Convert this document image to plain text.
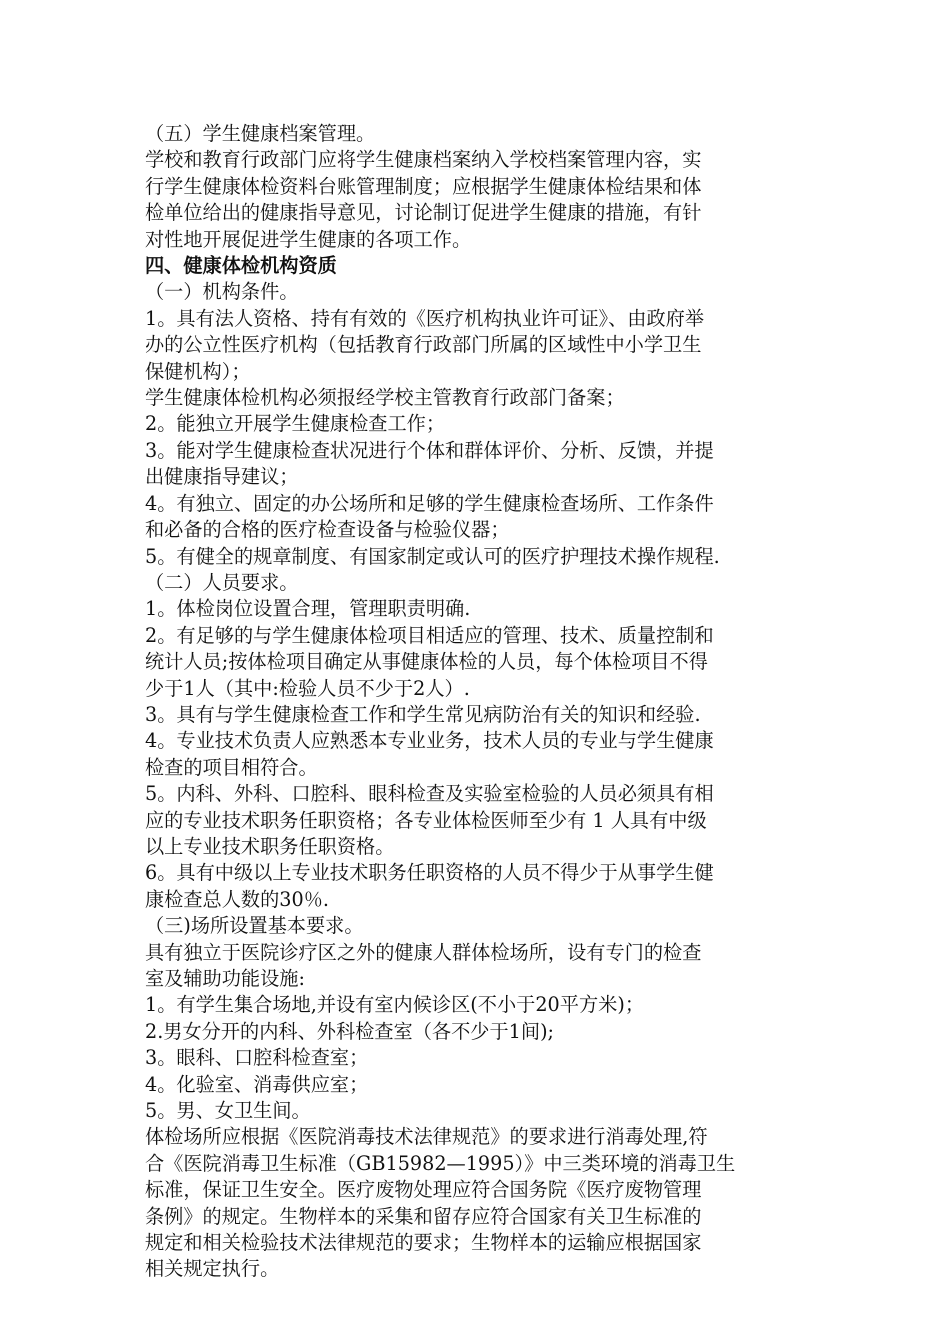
（五）学生健康档案管理。
学校和教育行政部门应将学生健康档案纳入学校档案管理内容，实
行学生健康体检资料台账管理制度；应根据学生健康体检结果和体
检单位给出的健康指导意见，讨论制订促进学生健康的措施，有针
对性地开展促进学生健康的各项工作。
四、健康体检机构资质
（一）机构条件。
1。具有法人资格、持有有效的《医疗机构执业许可证》、由政府举
办的公立性医疗机构（包括教育行政部门所属的区域性中小学卫生
保健机构）；
学生健康体检机构必须报经学校主管教育行政部门备案；
2。能独立开展学生健康检查工作；
3。能对学生健康检查状况进行个体和群体评价、分析、反馈，并提
出健康指导建议；
4。有独立、固定的办公场所和足够的学生健康检查场所、工作条件
和必备的合格的医疗检查设备与检验仪器；
5。有健全的规章制度、有国家制定或认可的医疗护理技术操作规程.
（二）人员要求。
1。体检岗位设置合理，管理职责明确.
2。有足够的与学生健康体检项目相适应的管理、技术、质量控制和
统计人员;按体检项目确定从事健康体检的人员，每个体检项目不得
少于1人（其中:检验人员不少于2人）.
3。具有与学生健康检查工作和学生常见病防治有关的知识和经验.
4。专业技术负责人应熟悉本专业业务，技术人员的专业与学生健康
检查的项目相符合。
5。内科、外科、口腔科、眼科检查及实验室检验的人员必须具有相
应的专业技术职务任职资格；各专业体检医师至少有 1 人具有中级
以上专业技术职务任职资格。
6。具有中级以上专业技术职务任职资格的人员不得少于从事学生健
康检查总人数的30％.
（三)场所设置基本要求。
具有独立于医院诊疗区之外的健康人群体检场所，设有专门的检查
室及辅助功能设施:
1。有学生集合场地,并设有室内候诊区(不小于20平方米)；
2.男女分开的内科、外科检查室（各不少于1间);
3。眼科、口腔科检查室；
4。化验室、消毒供应室；
5。男、女卫生间。
体检场所应根据《医院消毒技术法律规范》的要求进行消毒处理,符
合《医院消毒卫生标准（GB15982—1995）》中三类环境的消毒卫生
标准，保证卫生安全。医疗废物处理应符合国务院《医疗废物管理
条例》的规定。生物样本的采集和留存应符合国家有关卫生标准的
规定和相关检验技术法律规范的要求；生物样本的运输应根据国家
相关规定执行。
